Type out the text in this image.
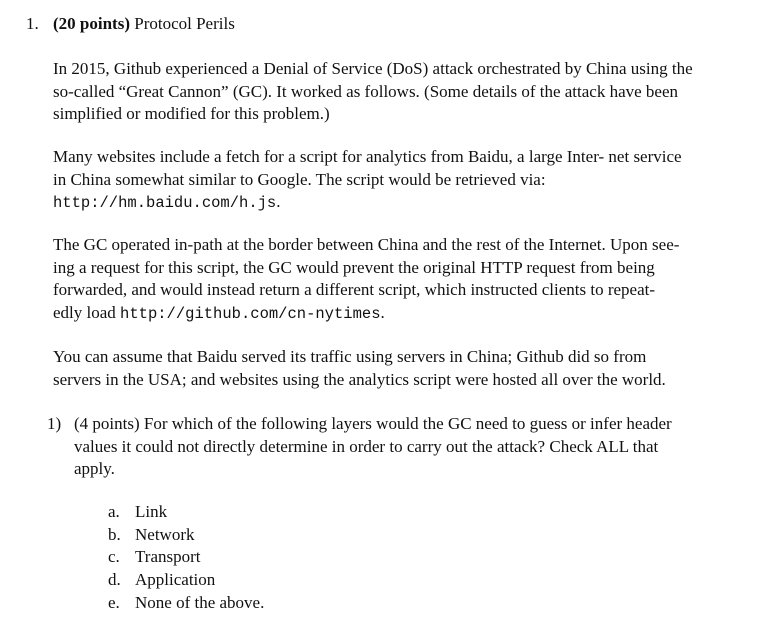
1. (20 points) Protocol Perils

In 2015, Github experienced a Denial of Service (DoS) attack orchestrated by China using the
so-called “Great Cannon” (GC). It worked as follows. (Some details of the attack have been
simplified or modified for this problem.)

Many websites include a fetch for a script for analytics from Baidu, a large Inter- net service
in China somewhat similar to Google. The script would be retrieved via:
http://hm.baidu.com/h.js.

The GC operated in-path at the border between China and the rest of the Internet. Upon see-
ing a request for this script, the GC would prevent the original HTTP request from being
forwarded, and would instead return a different script, which instructed clients to repeat-
edly load http://github.com/cn-nytimes.

You can assume that Baidu served its traffic using servers in China; Github did so from
servers in the USA; and websites using the analytics script were hosted all over the world.

1) (4 points) For which of the following layers would the GC need to guess or infer header
values it could not directly determine in order to carry out the attack? Check ALL that
apply.
a. Link
b. Network
c. Transport
d. Application
e. None of the above.
